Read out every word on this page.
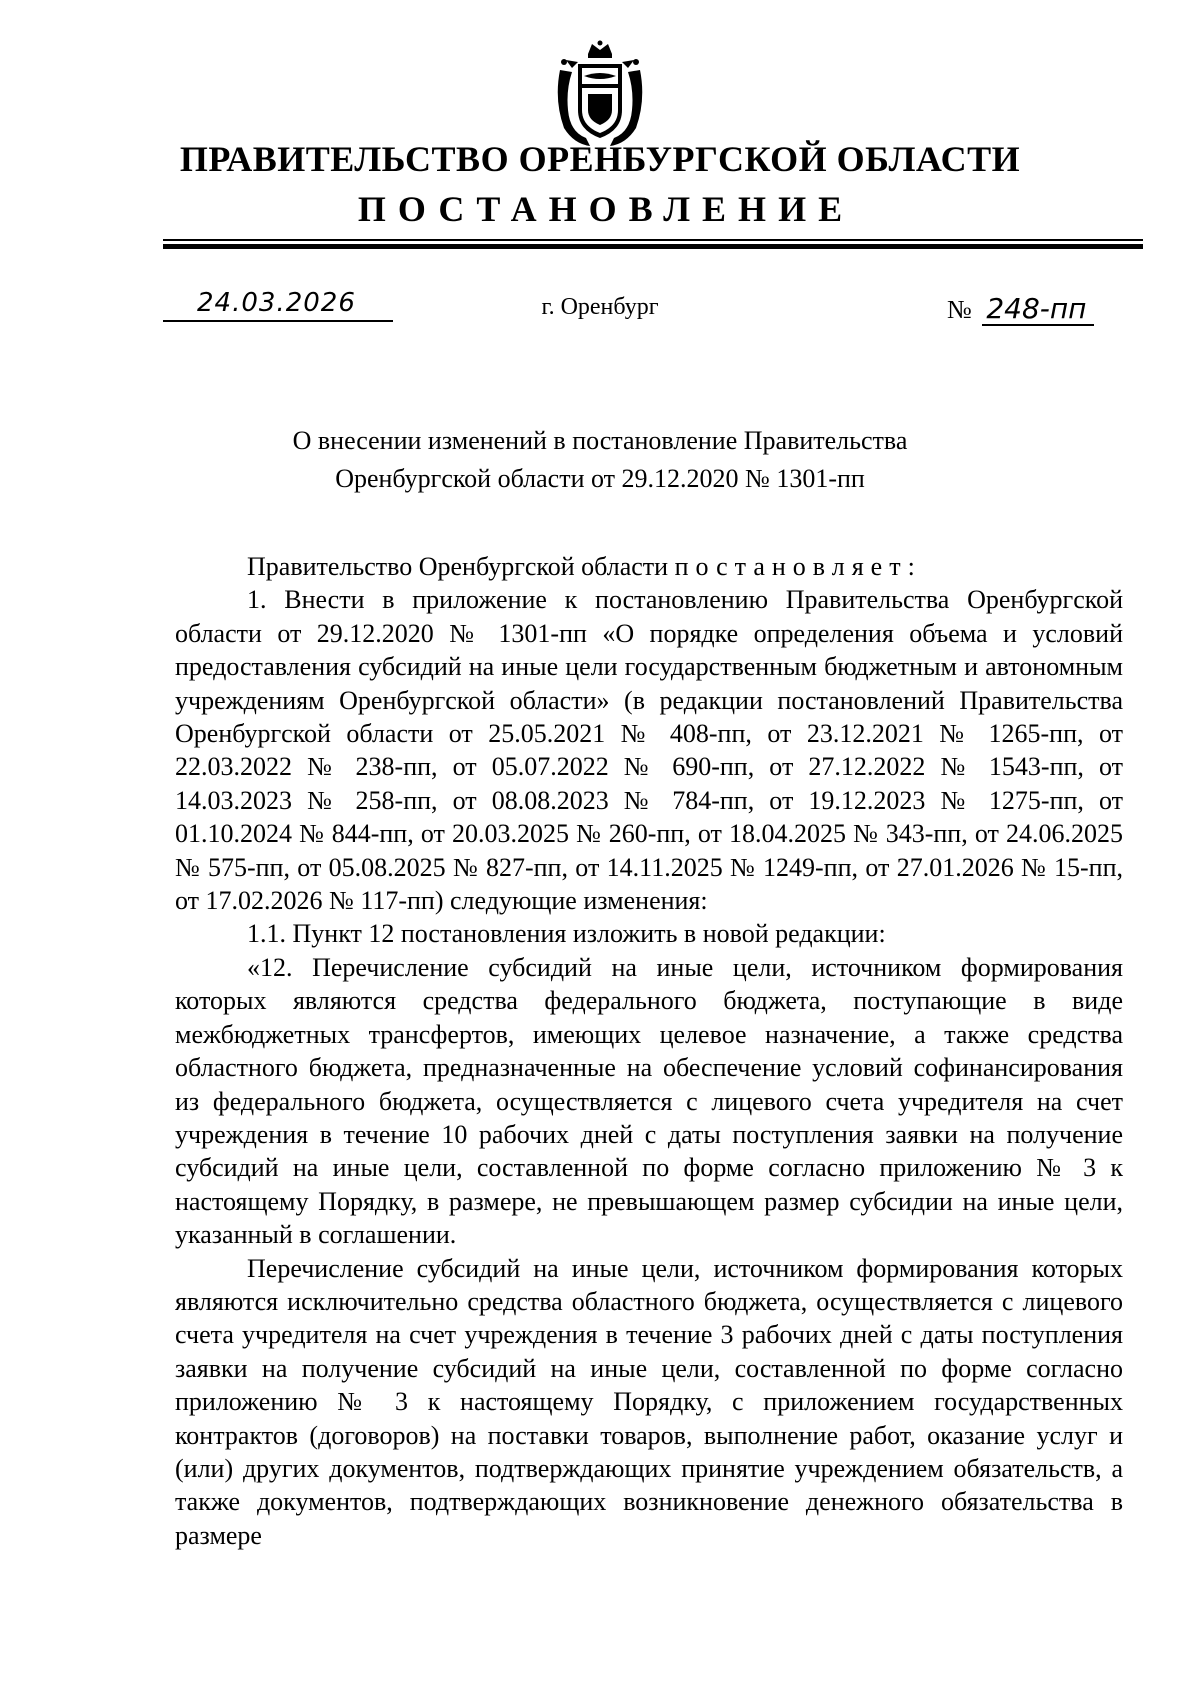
ПРАВИТЕЛЬСТВО ОРЕНБУРГСКОЙ ОБЛАСТИ
ПОСТАНОВЛЕНИЕ
24.03.2026	г. Оренбург	№ 248-пп
О внесении изменений в постановление Правительства
Оренбургской области от 29.12.2020 № 1301-пп

Правительство Оренбургской области постановляет:

1. Внести в приложение к постановлению Правительства Оренбургской области от 29.12.2020 № 1301-пп «О порядке определения объема и условий предоставления субсидий на иные цели государственным бюджетным и автономным учреждениям Оренбургской области» (в редакции постановлений Правительства Оренбургской области от 25.05.2021 № 408-пп, от 23.12.2021 № 1265-пп, от 22.03.2022 № 238-пп, от 05.07.2022 № 690-пп, от 27.12.2022 № 1543-пп, от 14.03.2023 № 258-пп, от 08.08.2023 № 784-пп, от 19.12.2023 № 1275-пп, от 01.10.2024 № 844-пп, от 20.03.2025 № 260-пп, от 18.04.2025 № 343-пп, от 24.06.2025 № 575-пп, от 05.08.2025 № 827-пп, от 14.11.2025 № 1249-пп, от 27.01.2026 № 15-пп, от 17.02.2026 № 117-пп) следующие изменения:

1.1. Пункт 12 постановления изложить в новой редакции:

«12. Перечисление субсидий на иные цели, источником формирования которых являются средства федерального бюджета, поступающие в виде межбюджетных трансфертов, имеющих целевое назначение, а также средства областного бюджета, предназначенные на обеспечение условий софинансирования из федерального бюджета, осуществляется с лицевого счета учредителя на счет учреждения в течение 10 рабочих дней с даты поступления заявки на получение субсидий на иные цели, составленной по форме согласно приложению № 3 к настоящему Порядку, в размере, не превышающем размер субсидии на иные цели, указанный в соглашении.

Перечисление субсидий на иные цели, источником формирования которых являются исключительно средства областного бюджета, осуществляется с лицевого счета учредителя на счет учреждения в течение 3 рабочих дней с даты поступления заявки на получение субсидий на иные цели, составленной по форме согласно приложению № 3 к настоящему Порядку, с приложением государственных контрактов (договоров) на поставки товаров, выполнение работ, оказание услуг и (или) других документов, подтверждающих принятие учреждением обязательств, а также документов, подтверждающих возникновение денежного обязательства в размере
